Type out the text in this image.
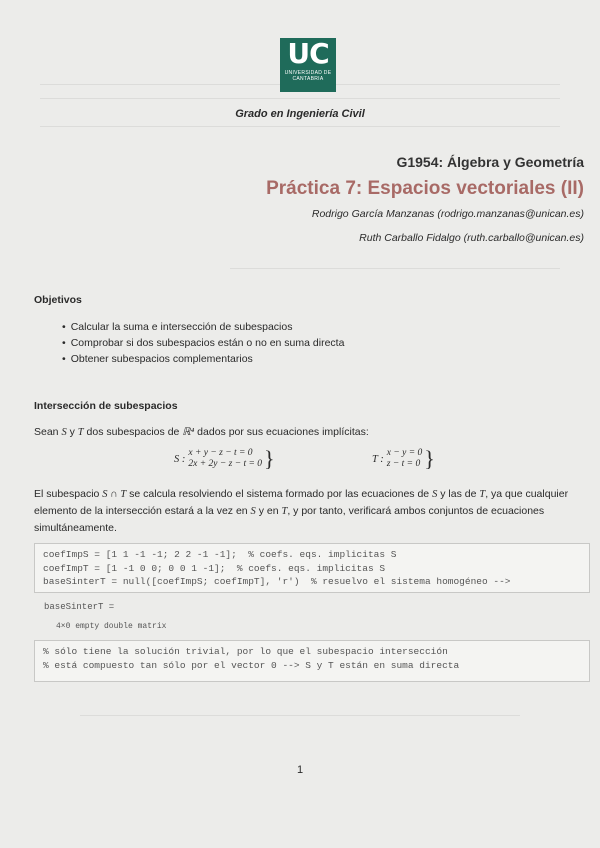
UC
UNIVERSIDAD DE CANTABRIA
Grado en Ingeniería Civil
G1954: Álgebra y Geometría
Práctica 7: Espacios vectoriales (II)
Rodrigo García Manzanas (rodrigo.manzanas@unican.es)
Ruth Carballo Fidalgo (ruth.carballo@unican.es)
Objetivos
• Calcular la suma e intersección de subespacios
• Comprobar si dos subespacios están o no en suma directa
• Obtener subespacios complementarios
Intersección de subespacios
Sean S y T dos subespacios de ℝ⁴ dados por sus ecuaciones implícitas:
S :
x + y − z − t = 0
2x + 2y − z − t = 0 }	T :
x − y = 0
z − t = 0 }
El subespacio S ∩ T se calcula resolviendo el sistema formado por las ecuaciones de S y las de T, ya que cualquier elemento de la intersección estará a la vez en S y en T, y por tanto, verificará ambos conjuntos de ecuaciones simultáneamente.
coefImpS = [1 1 -1 -1; 2 2 -1 -1];  % coefs. eqs. implicitas S
coefImpT = [1 -1 0 0; 0 0 1 -1];  % coefs. eqs. implicitas S
baseSinterT = null([coefImpS; coefImpT], 'r')  % resuelvo el sistema homogéneo -->
baseSinterT =
4×0 empty double matrix
% sólo tiene la solución trivial, por lo que el subespacio intersección
% está compuesto tan sólo por el vector 0 --> S y T están en suma directa
1
